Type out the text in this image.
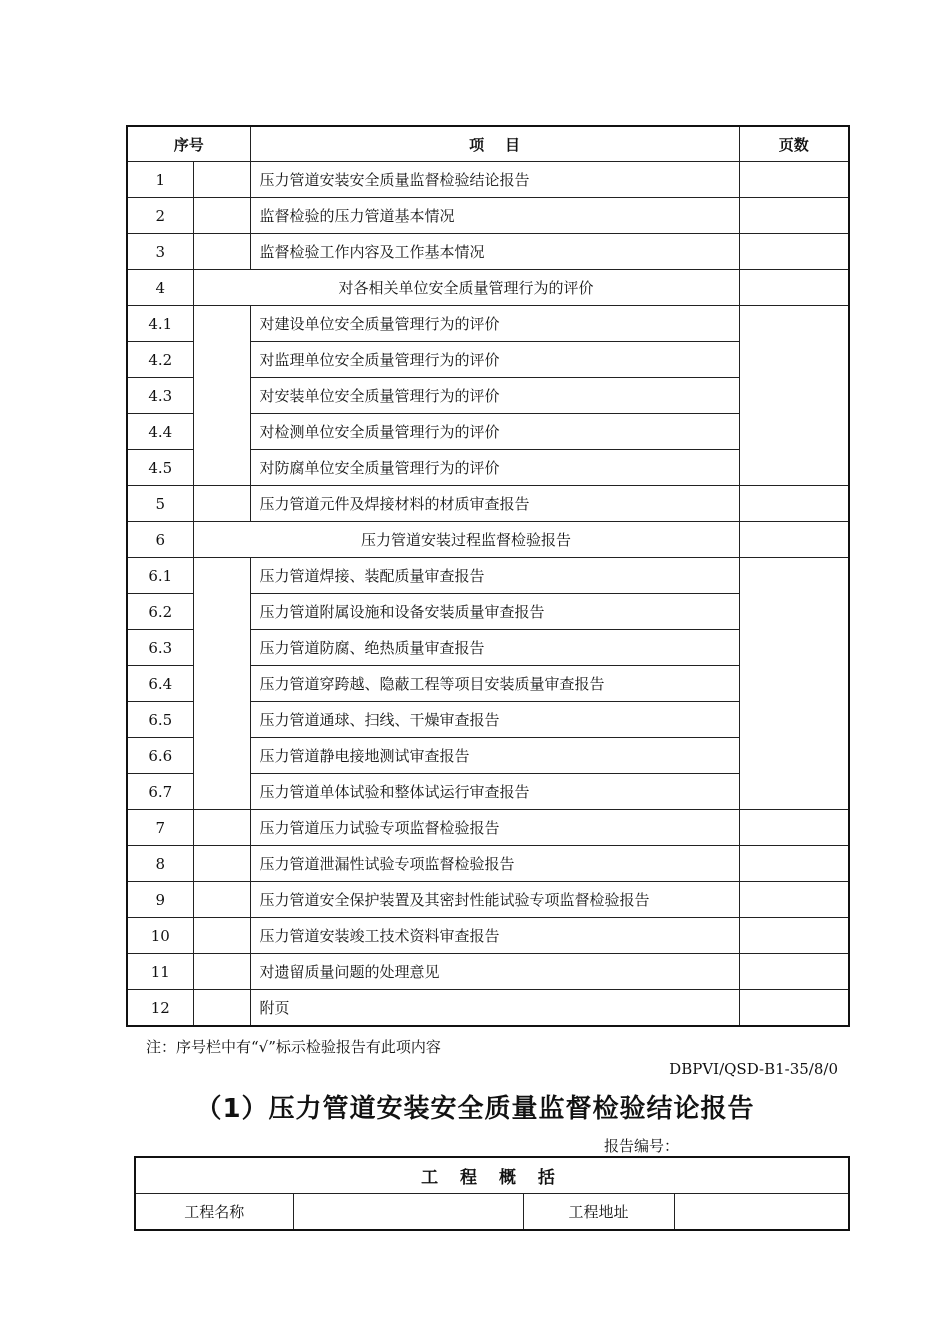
序号		项    目	页数
1		压力管道安装安全质量监督检验结论报告	
2		监督检验的压力管道基本情况	
3		监督检验工作内容及工作基本情况	
4	对各相关单位安全质量管理行为的评价		
4.1		对建设单位安全质量管理行为的评价	
4.2		对监理单位安全质量管理行为的评价	
4.3		对安装单位安全质量管理行为的评价	
4.4		对检测单位安全质量管理行为的评价	
4.5		对防腐单位安全质量管理行为的评价	
5		压力管道元件及焊接材料的材质审查报告	
6	压力管道安装过程监督检验报告		
6.1		压力管道焊接、装配质量审查报告	
6.2		压力管道附属设施和设备安装质量审查报告	
6.3		压力管道防腐、绝热质量审查报告	
6.4		压力管道穿跨越、隐蔽工程等项目安装质量审查报告	
6.5		压力管道通球、扫线、干燥审查报告	
6.6		压力管道静电接地测试审查报告	
6.7		压力管道单体试验和整体试运行审查报告	
7		压力管道压力试验专项监督检验报告	
8		压力管道泄漏性试验专项监督检验报告	
9		压力管道安全保护装置及其密封性能试验专项监督检验报告	
10		压力管道安装竣工技术资料审查报告	
11		对遗留质量问题的处理意见	
12		附页	
注：序号栏中有“√”标示检验报告有此项内容
DBPVI/QSD-B1-35/8/0
（1）压力管道安装安全质量监督检验结论报告
报告编号：
工 程 概 括
工程名称		工程地址	
